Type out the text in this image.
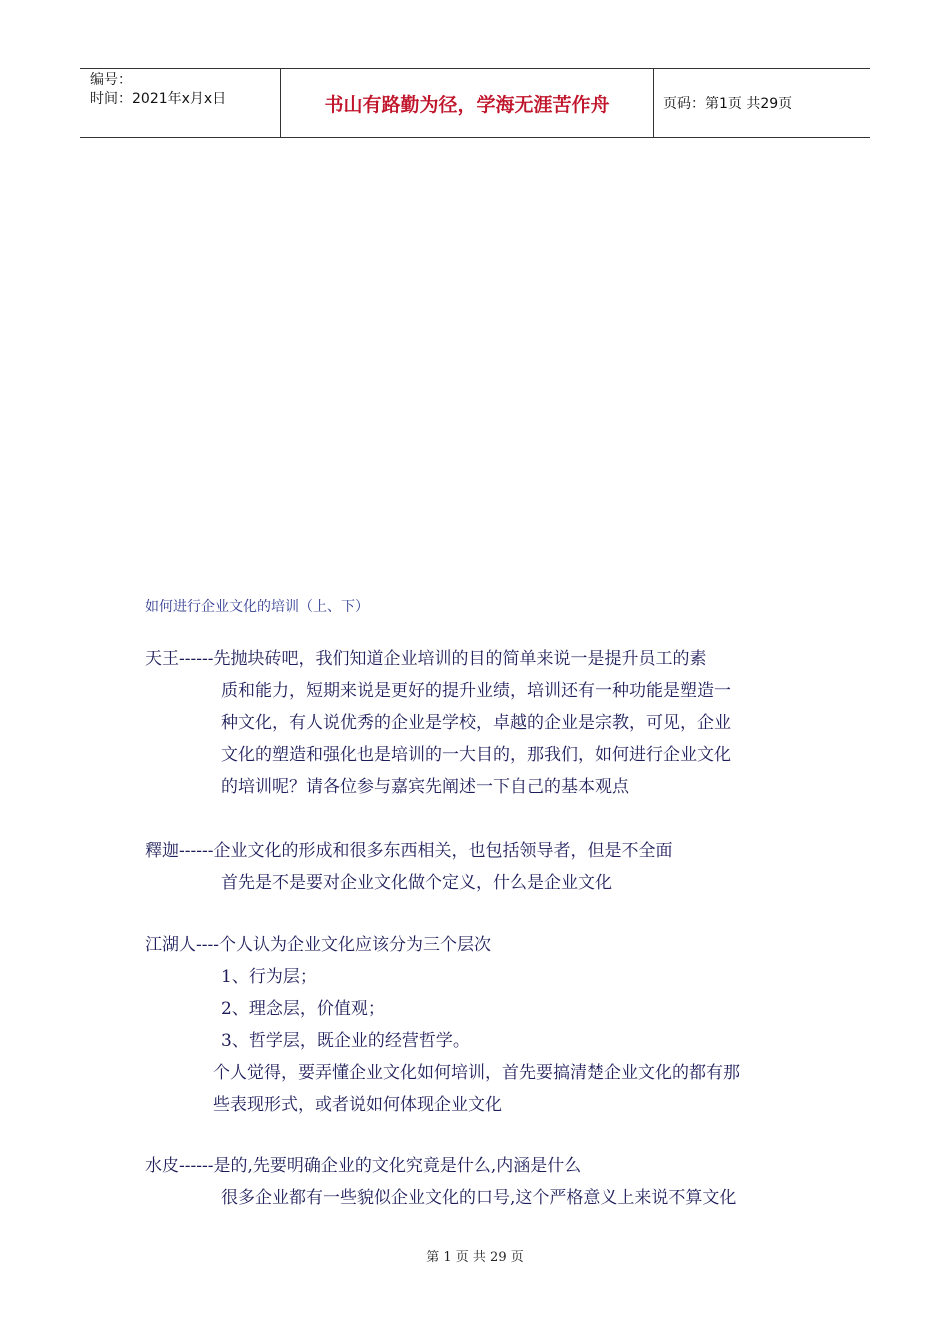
编号：
时间：2021年x月x日	书山有路勤为径，学海无涯苦作舟	页码：第1页 共29页
如何进行企业文化的培训（上、下）
天王------先抛块砖吧，我们知道企业培训的目的简单来说一是提升员工的素
质和能力，短期来说是更好的提升业绩，培训还有一种功能是塑造一
种文化，有人说优秀的企业是学校，卓越的企业是宗教，可见，企业
文化的塑造和强化也是培训的一大目的，那我们，如何进行企业文化
的培训呢？请各位参与嘉宾先阐述一下自己的基本观点
釋迦------企业文化的形成和很多东西相关，也包括领导者，但是不全面
首先是不是要对企业文化做个定义，什么是企业文化
江湖人----个人认为企业文化应该分为三个层次
1、行为层；
2、理念层，价值观；
3、哲学层，既企业的经营哲学。
个人觉得，要弄懂企业文化如何培训，首先要搞清楚企业文化的都有那
些表现形式，或者说如何体现企业文化
水皮------是的,先要明确企业的文化究竟是什么,内涵是什么
很多企业都有一些貌似企业文化的口号,这个严格意义上来说不算文化
第 1 页 共 29 页
